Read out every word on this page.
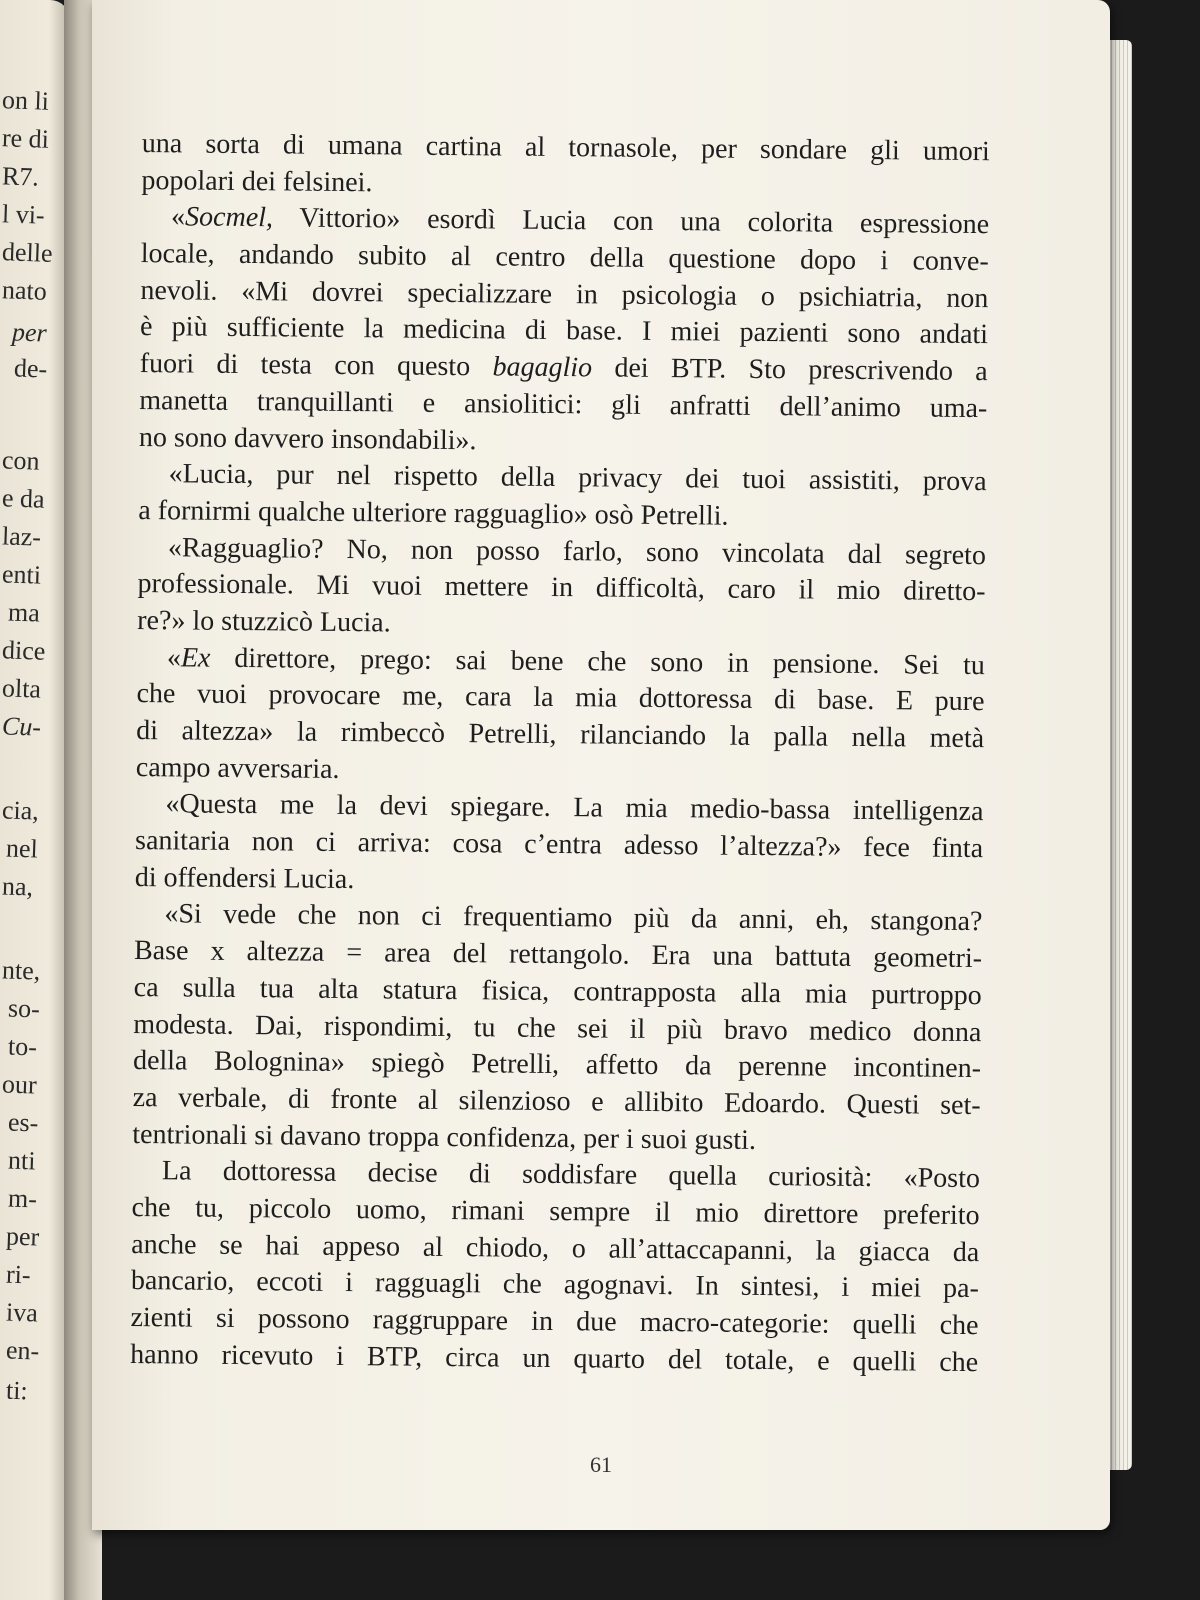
on li
re di
R7.
l vi-
delle
nato
per
de-
con
e da
laz-
enti
ma
dice
olta
Cu-
cia,
nel
na,
nte,
so-
to-
our
es-
nti
m-
per
ri-
iva
en-
ti:
una sorta di umana cartina al tornasole, per sondare gli umori
popolari dei felsinei.
«Socmel, Vittorio» esordì Lucia con una colorita espressione
locale, andando subito al centro della questione dopo i conve-
nevoli. «Mi dovrei specializzare in psicologia o psichiatria, non
è più sufficiente la medicina di base. I miei pazienti sono andati
fuori di testa con questo bagaglio dei BTP. Sto prescrivendo a
manetta tranquillanti e ansiolitici: gli anfratti dell’animo uma-
no sono davvero insondabili».
«Lucia, pur nel rispetto della privacy dei tuoi assistiti, prova
a fornirmi qualche ulteriore ragguaglio» osò Petrelli.
«Ragguaglio? No, non posso farlo, sono vincolata dal segreto
professionale. Mi vuoi mettere in difficoltà, caro il mio diretto-
re?» lo stuzzicò Lucia.
«Ex direttore, prego: sai bene che sono in pensione. Sei tu
che vuoi provocare me, cara la mia dottoressa di base. E pure
di altezza» la rimbeccò Petrelli, rilanciando la palla nella metà
campo avversaria.
«Questa me la devi spiegare. La mia medio-bassa intelligenza
sanitaria non ci arriva: cosa c’entra adesso l’altezza?» fece finta
di offendersi Lucia.
«Si vede che non ci frequentiamo più da anni, eh, stangona?
Base x altezza = area del rettangolo. Era una battuta geometri-
ca sulla tua alta statura fisica, contrapposta alla mia purtroppo
modesta. Dai, rispondimi, tu che sei il più bravo medico donna
della Bolognina» spiegò Petrelli, affetto da perenne incontinen-
za verbale, di fronte al silenzioso e allibito Edoardo. Questi set-
tentrionali si davano troppa confidenza, per i suoi gusti.
La dottoressa decise di soddisfare quella curiosità: «Posto
che tu, piccolo uomo, rimani sempre il mio direttore preferito
anche se hai appeso al chiodo, o all’attaccapanni, la giacca da
bancario, eccoti i ragguagli che agognavi. In sintesi, i miei pa-
zienti si possono raggruppare in due macro-categorie: quelli che
hanno ricevuto i BTP, circa un quarto del totale, e quelli che
61
